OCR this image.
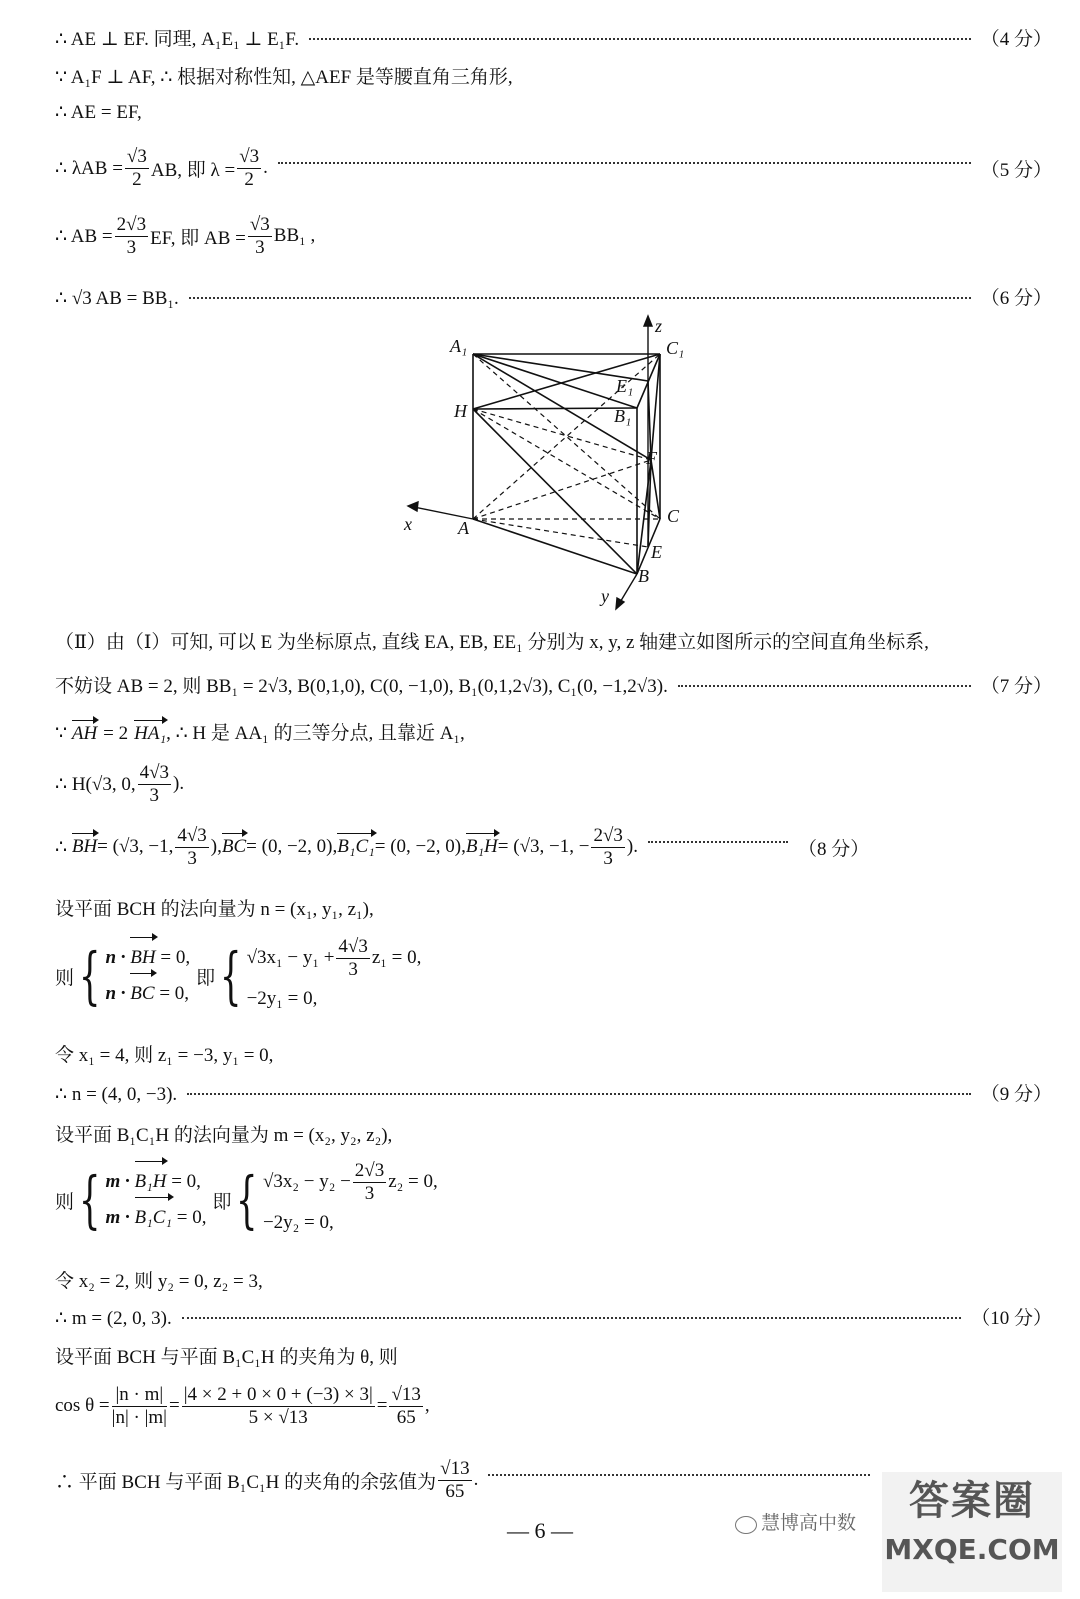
∴ AE ⊥ EF. 同理, A₁E₁ ⊥ E₁F.	（4 分）
∵ A₁F ⊥ AF, ∴ 根据对称性知, △AEF 是等腰直角三角形,
∴ AE = EF,
∴ $\lambda AB = \frac{√3}{2}$ AB, 即 $\lambda = \frac{√3}{2}$ .	（5 分）
∴ AB = $\frac{2√3}{3}$ EF, 即 AB = $\frac{√3}{3} BB_1$ ,
∴ √3 AB = BB₁.	（6 分）
A₁	C₁
E₁
H	B₁
F
A
C
E
B
z
x
y
（Ⅱ）由（Ⅰ）可知, 可以 E 为坐标原点, 直线 EA, EB, EE₁ 分别为 x, y, z 轴建立如图所示的空间直角坐标系,
不妨设 AB = 2, 则 BB₁ = 2√3, B(0,1,0), C(0, −1,0), B₁(0,1,2√3), C₁(0, −1,2√3).	（7 分）
∵ AH = 2 HA₁ , ∴ H 是 AA₁ 的三等分点, 且靠近 A₁,
∴ H(√3, 0, $\frac{4√3}{3}$ ).
∴ BH = (√3, −1, $\frac{4√3}{3}$ ), BC = (0, −2, 0), B₁C₁ = (0, −2, 0), B₁H = (√3, −1, − $\frac{2√3}{3}$ ).	（8 分）
设平面 BCH 的法向量为 n = (x₁, y₁, z₁),
则 { n · BH = 0,
n · BC = 0,
即 { $√3x_1 - y_1 + \frac{4√3}{3} z_1 = 0$,
−2y₁ = 0,
令 x₁ = 4, 则 z₁ = −3, y₁ = 0,
∴ n = (4, 0, −3).	（9 分）
设平面 B₁C₁H 的法向量为 m = (x₂, y₂, z₂),
则 { m · B₁H = 0,
m · B₁C₁ = 0,
即 { $√3x_2 - y_2 - \frac{2√3}{3} z_2 = 0$,
−2y₂ = 0,
令 x₂ = 2, 则 y₂ = 0, z₂ = 3,
∴ m = (2, 0, 3).	（10 分）
设平面 BCH 与平面 B₁C₁H 的夹角为 θ, 则
$\cos \theta = \frac{|n \cdot m|}{|n| \cdot |m|} = \frac{|4 \times 2 + 0 \times 0 + (-3) \times 3|}{5 \times √13} = \frac{√13}{65}$ ,
∴ 平面 BCH 与平面 B₁C₁H 的夹角的余弦值为 $\frac{√13}{65}$ .
— 6 —	慧博高中数	答案圈
MXQE.COM
